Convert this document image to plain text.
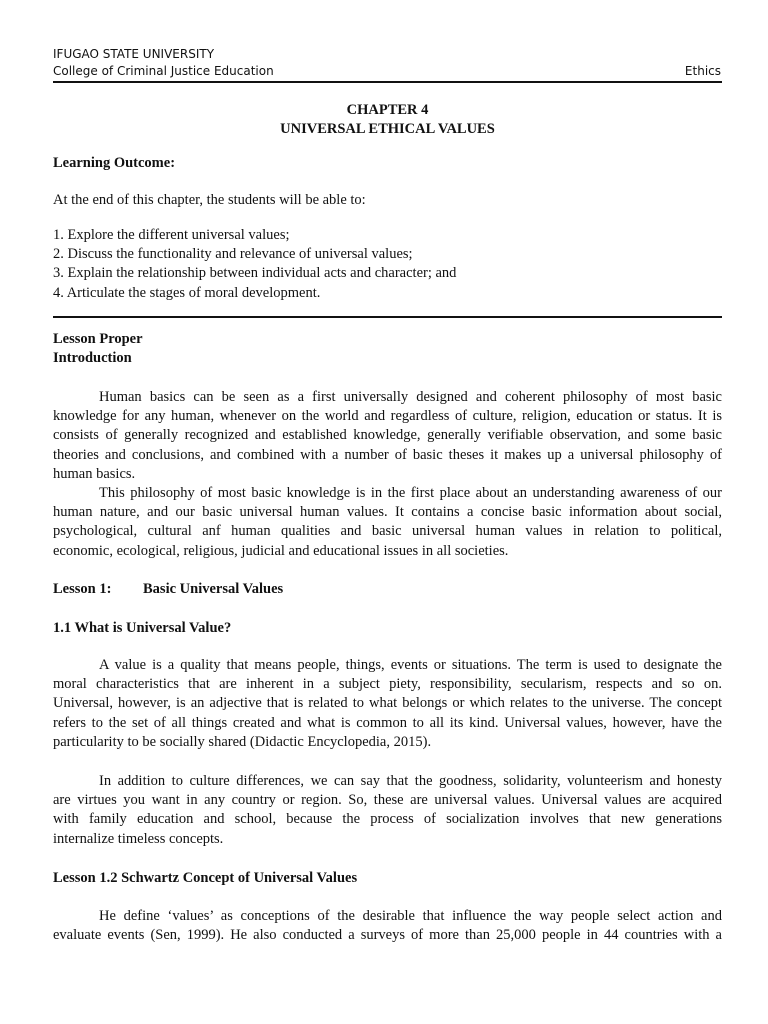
IFUGAO STATE UNIVERSITY
College of Criminal Justice Education	Ethics
CHAPTER 4
UNIVERSAL ETHICAL VALUES
Learning Outcome:
At the end of this chapter, the students will be able to:
1. Explore the different universal values;
2. Discuss the functionality and relevance of universal values;
3. Explain the relationship between individual acts and character; and
4. Articulate the stages of moral development.
Lesson Proper
Introduction
Human basics can be seen as a first universally designed and coherent philosophy of most basic
knowledge for any human, whenever on the world and regardless of culture, religion, education or status. It is
consists of generally recognized and established knowledge, generally verifiable observation, and some basic
theories and conclusions, and combined with a number of basic theses it makes up a universal philosophy of
human basics.
This philosophy of most basic knowledge is in the first place about an understanding awareness of our
human nature, and our basic universal human values. It contains a concise basic information about social,
psychological, cultural anf human qualities and basic universal human values in relation to political,
economic, ecological, religious, judicial and educational issues in all societies.
Lesson 1:	Basic Universal Values
1.1 What is Universal Value?
A value is a quality that means people, things, events or situations. The term is used to designate the
moral characteristics that are inherent in a subject piety, responsibility, secularism, respects and so on.
Universal, however, is an adjective that is related to what belongs or which relates to the universe. The concept
refers to the set of all things created and what is common to all its kind. Universal values, however, have the
particularity to be socially shared (Didactic Encyclopedia, 2015).
In addition to culture differences, we can say that the goodness, solidarity, volunteerism and honesty
are virtues you want in any country or region. So, these are universal values. Universal values are acquired
with family education and school, because the process of socialization involves that new generations
internalize timeless concepts.
Lesson 1.2 Schwartz Concept of Universal Values
He define ‘values’ as conceptions of the desirable that influence the way people select action and
evaluate events (Sen, 1999). He also conducted a surveys of more than 25,000 people in 44 countries with a
